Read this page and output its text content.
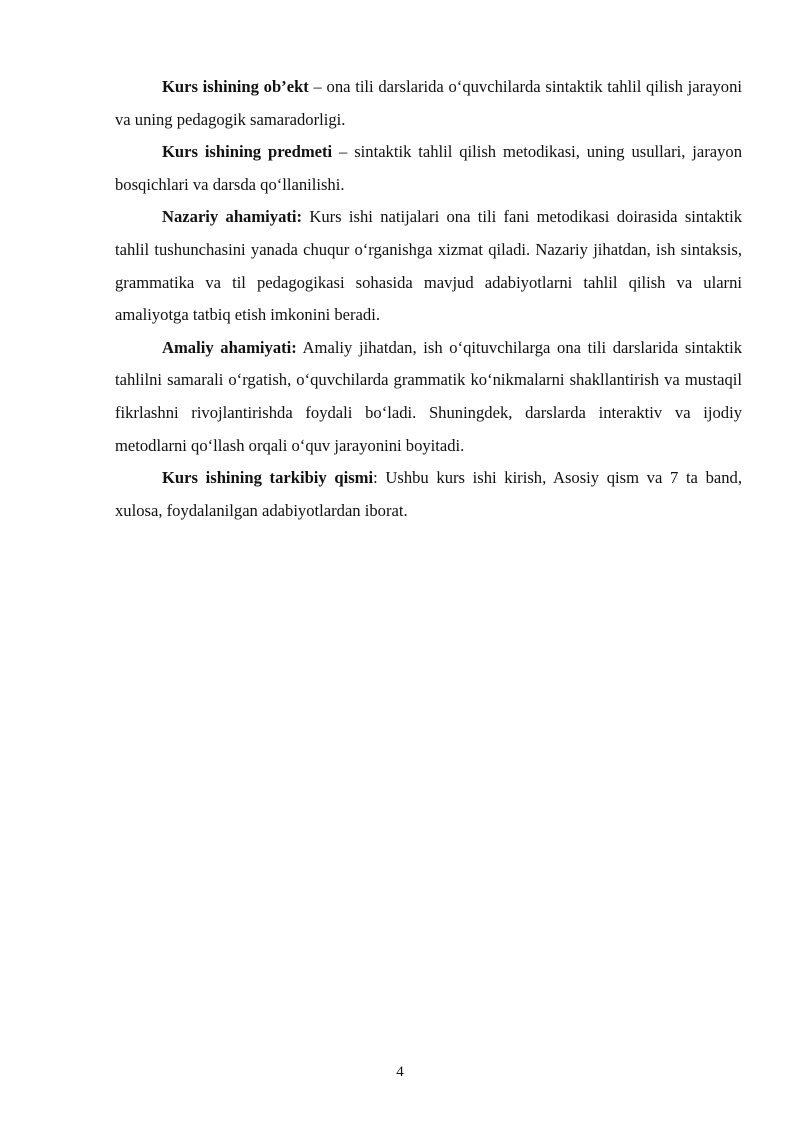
Kurs ishining ob’ekt – ona tili darslarida o‘quvchilarda sintaktik tahlil qilish jarayoni va uning pedagogik samaradorligi.

Kurs ishining predmeti – sintaktik tahlil qilish metodikasi, uning usullari, jarayon bosqichlari va darsda qo‘llanilishi.

Nazariy ahamiyati: Kurs ishi natijalari ona tili fani metodikasi doirasida sintaktik tahlil tushunchasini yanada chuqur o‘rganishga xizmat qiladi. Nazariy jihatdan, ish sintaksis, grammatika va til pedagogikasi sohasida mavjud adabiyotlarni tahlil qilish va ularni amaliyotga tatbiq etish imkonini beradi.

Amaliy ahamiyati: Amaliy jihatdan, ish o‘qituvchilarga ona tili darslarida sintaktik tahlilni samarali o‘rgatish, o‘quvchilarda grammatik ko‘nikmalarni shakllantirish va mustaqil fikrlashni rivojlantirishda foydali bo‘ladi. Shuningdek, darslarda interaktiv va ijodiy metodlarni qo‘llash orqali o‘quv jarayonini boyitadi.

Kurs ishining tarkibiy qismi: Ushbu kurs ishi kirish, Asosiy qism va 7 ta band, xulosa, foydalanilgan adabiyotlardan iborat.

4
